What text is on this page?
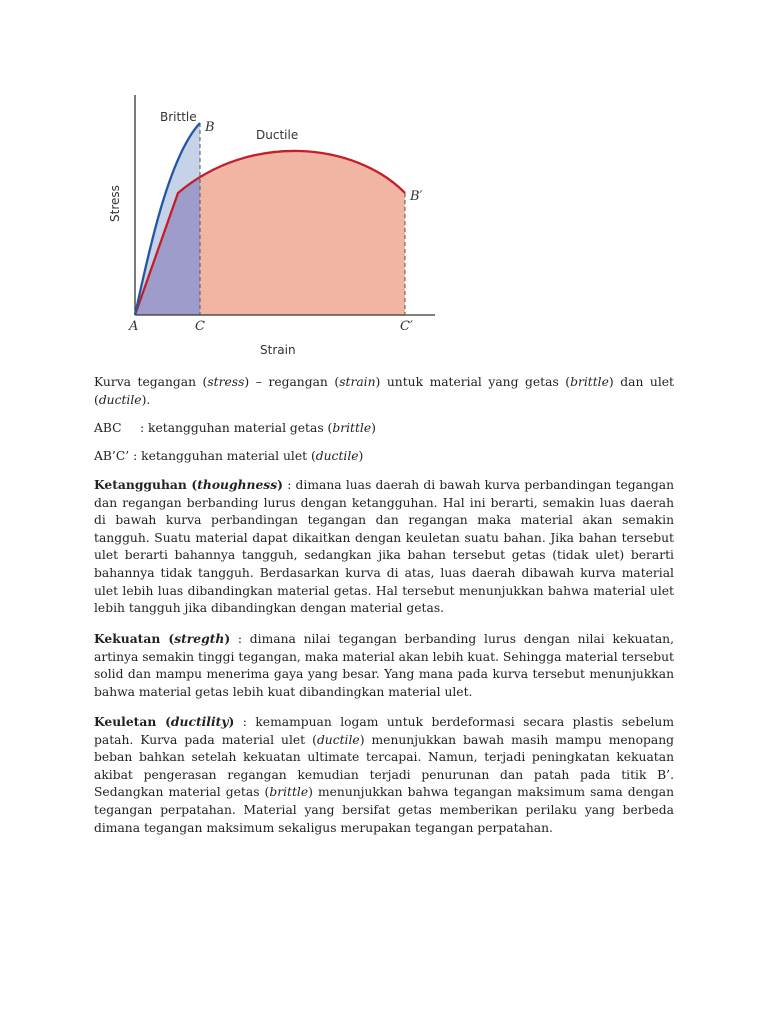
Brittle
Ductile
B
B′
A	C	C′
Strain
Stress

Kurva tegangan (stress) – regangan (strain) untuk material yang getas (brittle) dan ulet (ductile).

ABC : ketangguhan material getas (brittle)

AB’C’ : ketangguhan material ulet (ductile)

Ketangguhan (thoughness) : dimana luas daerah di bawah kurva perbandingan tegangan dan regangan berbanding lurus dengan ketangguhan. Hal ini berarti, semakin luas daerah di bawah kurva perbandingan tegangan dan regangan maka material akan semakin tangguh. Suatu material dapat dikaitkan dengan keuletan suatu bahan. Jika bahan tersebut ulet berarti bahannya tangguh, sedangkan jika bahan tersebut getas (tidak ulet) berarti bahannya tidak tangguh. Berdasarkan kurva di atas, luas daerah dibawah kurva material ulet lebih luas dibandingkan material getas. Hal tersebut menunjukkan bahwa material ulet lebih tangguh jika dibandingkan dengan material getas.

Kekuatan (stregth) : dimana nilai tegangan berbanding lurus dengan nilai kekuatan, artinya semakin tinggi tegangan, maka material akan lebih kuat. Sehingga material tersebut solid dan mampu menerima gaya yang besar. Yang mana pada kurva tersebut menunjukkan bahwa material getas lebih kuat dibandingkan material ulet.

Keuletan (ductility) : kemampuan logam untuk berdeformasi secara plastis sebelum patah. Kurva pada material ulet (ductile) menunjukkan bawah masih mampu menopang beban bahkan setelah kekuatan ultimate tercapai. Namun, terjadi peningkatan kekuatan akibat pengerasan regangan kemudian terjadi penurunan dan patah pada titik B’. Sedangkan material getas (brittle) menunjukkan bahwa tegangan maksimum sama dengan tegangan perpatahan. Material yang bersifat getas memberikan perilaku yang berbeda dimana tegangan maksimum sekaligus merupakan tegangan perpatahan.
